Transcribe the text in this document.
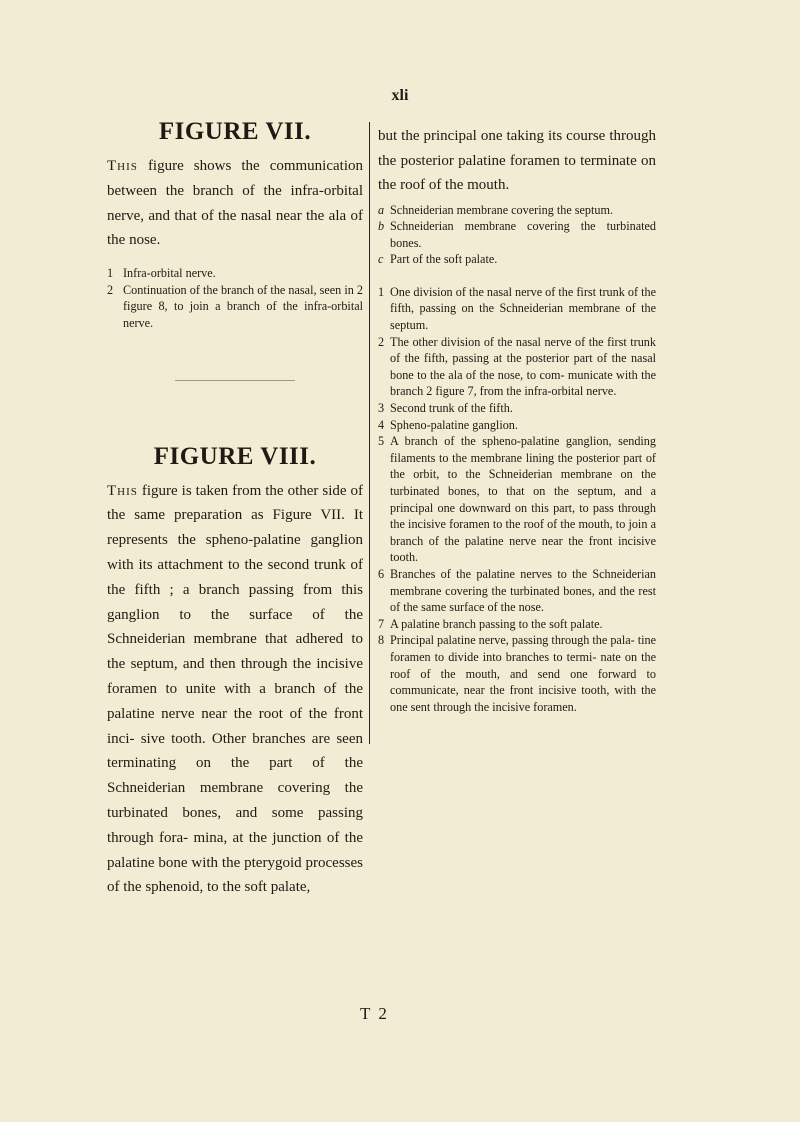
xli
FIGURE VII.

This figure shows the communication between the branch of the infra-orbital nerve, and that of the nasal near the ala of the nose.

1 Infra-orbital nerve.
2 Continuation of the branch of the nasal, seen in 2 figure 8, to join a branch of the infra-orbital nerve.
FIGURE VIII.

This figure is taken from the other side of the same preparation as Figure VII. It represents the spheno-palatine ganglion with its attachment to the second trunk of the fifth ; a branch passing from this ganglion to the surface of the Schneiderian membrane that adhered to the septum, and then through the incisive foramen to unite with a branch of the palatine nerve near the root of the front inci- sive tooth. Other branches are seen terminating on the part of the Schneiderian membrane covering the turbinated bones, and some passing through fora- mina, at the junction of the palatine bone with the pterygoid processes of the sphenoid, to the soft palate,

but the principal one taking its course through the posterior palatine foramen to terminate on the roof of the mouth.

a Schneiderian membrane covering the septum.
b Schneiderian membrane covering the turbinated bones.
c Part of the soft palate.
1 One division of the nasal nerve of the first trunk of the fifth, passing on the Schneiderian membrane of the septum.
2 The other division of the nasal nerve of the first trunk of the fifth, passing at the posterior part of the nasal bone to the ala of the nose, to com- municate with the branch 2 figure 7, from the infra-orbital nerve.
3 Second trunk of the fifth.
4 Spheno-palatine ganglion.
5 A branch of the spheno-palatine ganglion, sending filaments to the membrane lining the posterior part of the orbit, to the Schneiderian membrane on the turbinated bones, to that on the septum, and a principal one downward on this part, to pass through the incisive foramen to the roof of the mouth, to join a branch of the palatine nerve near the front incisive tooth.
6 Branches of the palatine nerves to the Schneiderian membrane covering the turbinated bones, and the rest of the same surface of the nose.
7 A palatine branch passing to the soft palate.
8 Principal palatine nerve, passing through the pala- tine foramen to divide into branches to termi- nate on the roof of the mouth, and send one forward to communicate, near the front incisive tooth, with the one sent through the incisive foramen.
T 2
